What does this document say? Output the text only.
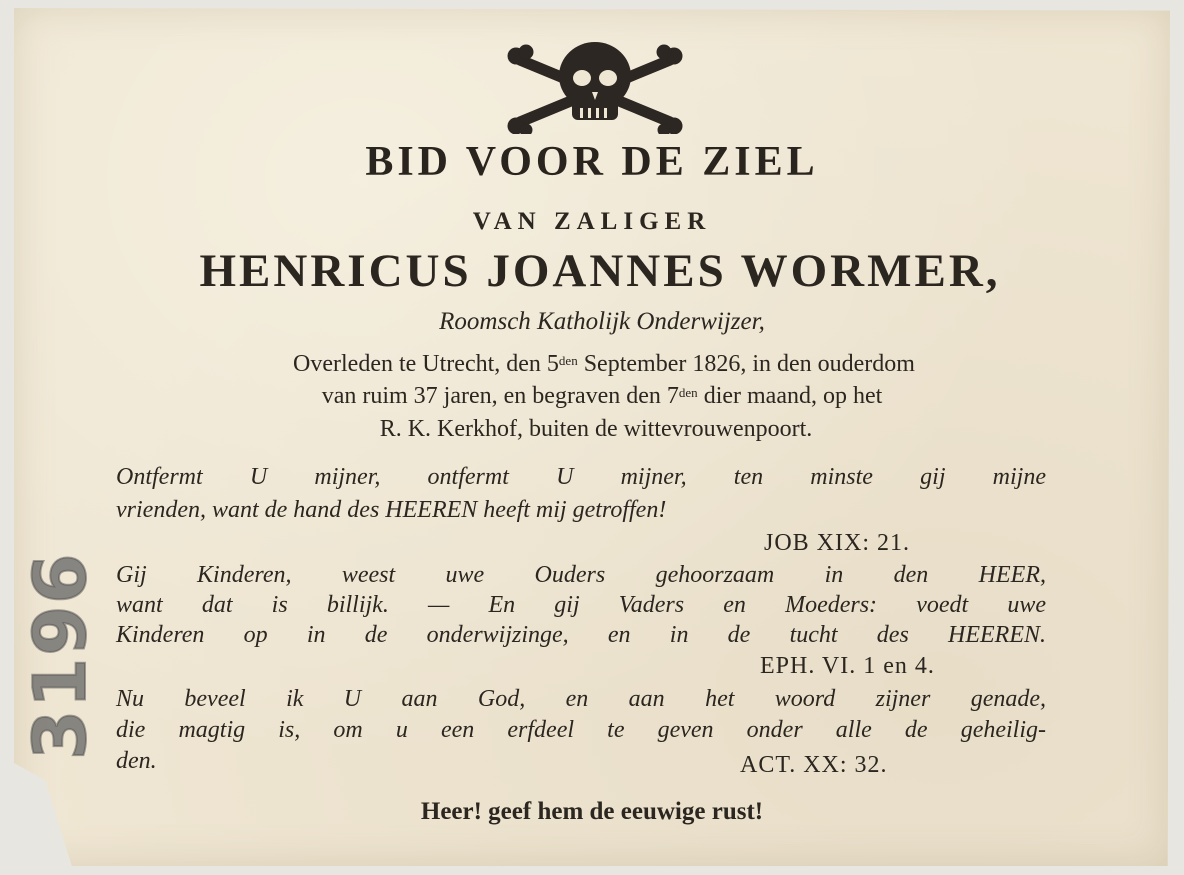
BID VOOR DE ZIEL
VAN ZALIGER
HENRICUS JOANNES WORMER,
Roomsch Katholijk Onderwijzer,
Overleden te Utrecht, den $5^{den}$ September 1826, in den ouderdom
van ruim 37 jaren, en begraven den $7^{den}$ dier maand, op het
R. K. Kerkhof, buiten de wittevrouwenpoort.
Ontfermt U mijner, ontfermt U mijner, ten minste gij mijne
vrienden, want de hand des HEEREN heeft mij getroffen!
JOB XIX: 21.
Gij Kinderen, weest uwe Ouders gehoorzaam in den HEER,
want dat is billijk. — En gij Vaders en Moeders: voedt uwe
Kinderen op in de onderwijzinge, en in de tucht des HEEREN.
EPH. VI. 1 en 4.
Nu beveel ik U aan God, en aan het woord zijner genade,
die magtig is, om u een erfdeel te geven onder alle de geheilig-
den.	ACT. XX: 32.
Heer! geef hem de eeuwige rust!
3196
